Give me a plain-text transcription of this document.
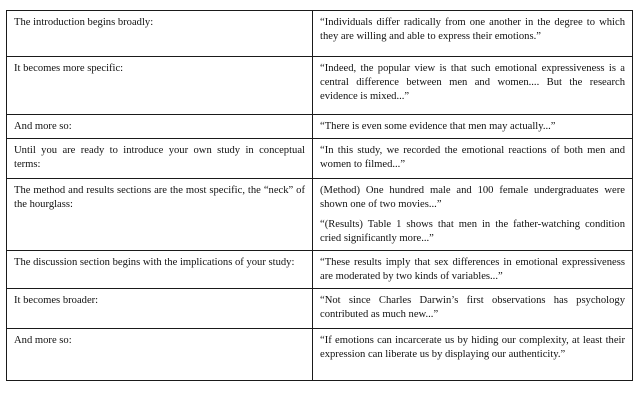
The introduction begins broadly:	“Individuals differ radically from one another in the degree to which they are willing and able to express their emotions.”

It becomes more specific:	“Indeed, the popular view is that such emotional expressiveness is a central difference between men and women.... But the research evidence is mixed...”

And more so:	“There is even some evidence that men may actually...”

Until you are ready to introduce your own study in conceptual terms:	“In this study, we recorded the emotional reactions of both men and women to filmed...”

The method and results sections are the most specific, the “neck” of the hourglass:	(Method) One hundred male and 100 female undergraduates were shown one of two movies...”
“(Results) Table 1 shows that men in the father-watching condition cried significantly more...”

The discussion section begins with the implications of your study:	“These results imply that sex differences in emotional expressiveness are moderated by two kinds of variables...”

It becomes broader:	“Not since Charles Darwin’s first observations has psychology contributed as much new...”

And more so:	“If emotions can incarcerate us by hiding our complexity, at least their expression can liberate us by displaying our authenticity.”
